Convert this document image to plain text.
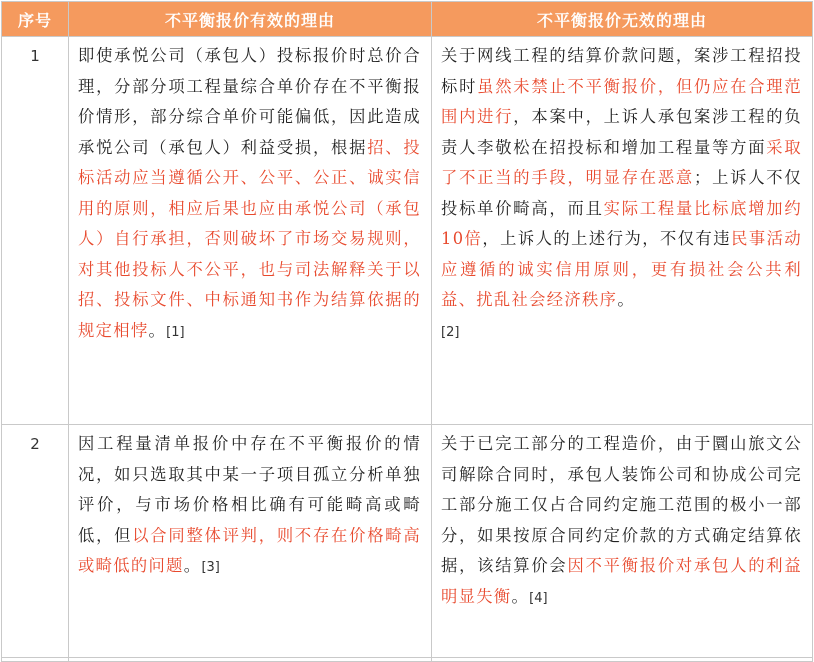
序号	不平衡报价有效的理由	不平衡报价无效的理由
1	即使承悦公司（承包人）投标报价时总价合理，分部分项工程量综合单价存在不平衡报价情形，部分综合单价可能偏低，因此造成承悦公司（承包人）利益受损，根据招、投标活动应当遵循公开、公平、公正、诚实信用的原则，相应后果也应由承悦公司（承包人）自行承担，否则破坏了市场交易规则，对其他投标人不公平，也与司法解释关于以招、投标文件、中标通知书作为结算依据的规定相悖。[1]	关于网线工程的结算价款问题，案涉工程招投标时虽然未禁止不平衡报价，但仍应在合理范围内进行，本案中，上诉人承包案涉工程的负责人李敬松在招投标和增加工程量等方面采取了不正当的手段，明显存在恶意；上诉人不仅投标单价畸高，而且实际工程量比标底增加约10倍，上诉人的上述行为，不仅有违民事活动应遵循的诚实信用原则，更有损社会公共利益、扰乱社会经济秩序。
[2]

2	因工程量清单报价中存在不平衡报价的情况，如只选取其中某一子项目孤立分析单独评价，与市场价格相比确有可能畸高或畸低，但以合同整体评判，则不存在价格畸高或畸低的问题。[3]	关于已完工部分的工程造价，由于圜山旅文公司解除合同时，承包人装饰公司和协成公司完工部分施工仅占合同约定施工范围的极小一部分，如果按原合同约定价款的方式确定结算依据，该结算价会因不平衡报价对承包人的利益明显失衡。[4]
